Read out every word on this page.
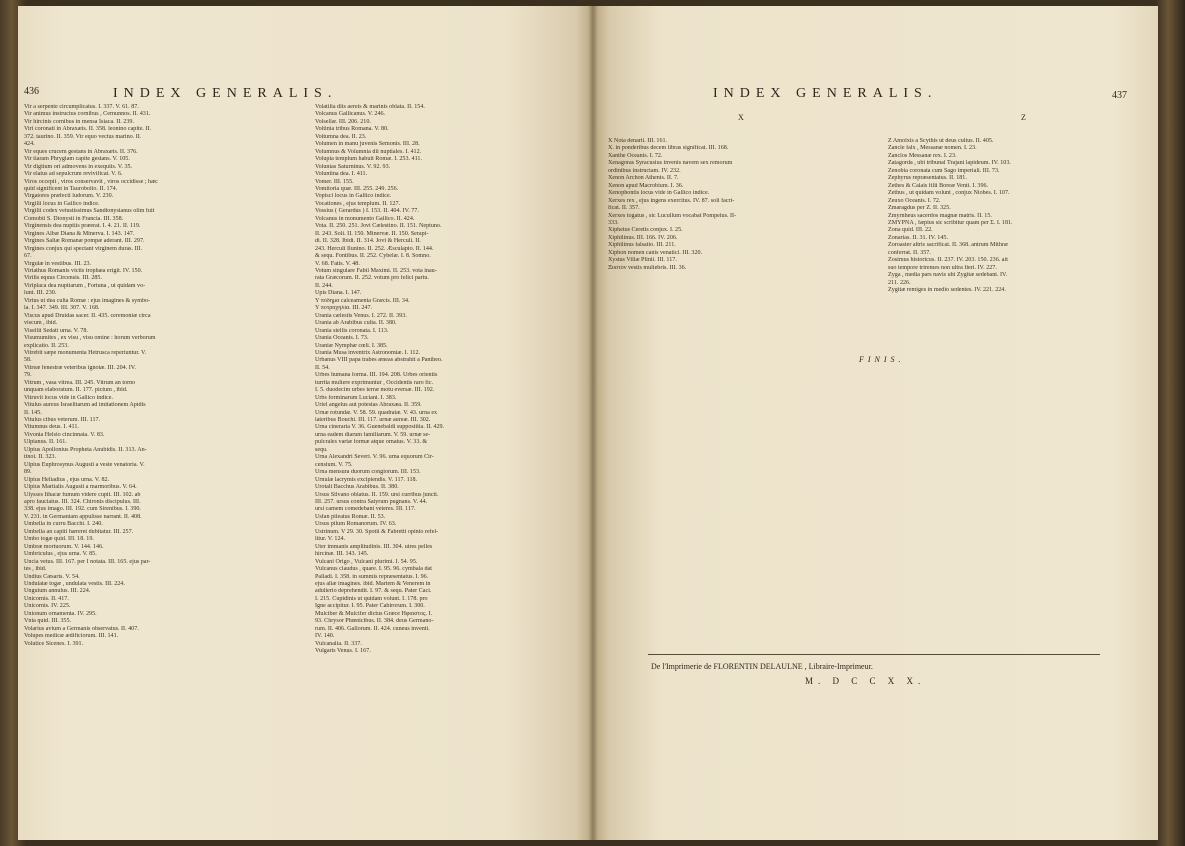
436	INDEX GENERALIS.

Vir a serpente circumplicatus. I. 337. V. 61. 87.

Vir animus instructus cornibus , Cernunnos. II. 431.

Vir hircinis cornibus in mensa Isiaca. II. 239.

Viri coronati in Abraxæis. II. 358. leonino capite. II.

372. taurino. II. 359. Vir equo vectus marino. II.

424.

Vir eques crucem gestans in Abraxæis. II. 376.

Vir tiaram Phrygiam capite gestans. V. 105.

Vir digitum ori admovens in exequiis. V. 35.

Vir elatus ad sepulcrum revivificat. V. 6.

Viros occepit , viros conservavit , viros occidisse ; hæc

quid significent in Taurobolio. II. 174.

Virgatores præfecti ludorum. V. 230.

Virgilii locus in Gallico indice.

Virgilii codex vetustissimus Sandionysianus olim fuit

Comobii S. Dionysii in Francia. III. 358.

Virginensis dea nuptiis præerat. I. 4. 21. II. 119.

Virgines Albæ Diana & Minerva. I. 143. 147.

Virgines Saliæ Romanæ pompæ aderant. III. 297.

Virgines conjux qui spectant virginem duras. III.

67.

Virgulæ in vestibus. III. 23.

Viriathus Romanis victis trophæa erigit. IV. 150.

Virilis equus Circensis. III. 285.

Viriplaca dea nuptiarum , Fortuna , ut quidam vo-

lunt. III. 230.

Virtus ut dea culta Romæ : ejus imagines & symbo-

la. I. 347. 349. III. 307. V. 168.

Viscus apud Druidas sacer. II. 435. ceremoniæ circa

viscum , ibid.

Visellii Sedati urna. V. 78.

Visumumites , ex visu , visu omine : horum verborum

explicatio. II. 253.

Vitrebit sæpe monumenta Hetrusca reperiuntur. V.

58.

Vitreæ fenestræ veteribus ignotæ. III. 204. IV.

79.

Vitrum , vasa vitrea. III. 245. Vitrum an torno

unquam elaboratum. II. 177. pictum , ibid.

Vitruvii locus vide in Gallico indice.

Vitulus aureus Israelitarum ad imitationem Apidis

II. 145.

Vitulus cibus veterum. III. 117.

Vitumnus deus. I. 411.

Vivonia Helsio cincinnata. V. 83.

Ulpianus. II. 161.

Ulpius Apollonius Propheta Anubidis. II. 313. An-

tinoi. II. 323.

Ulpius Euphrosynus Augusti a veste venatoria. V.

89.

Ulpius Heliadius , ejus urna. V. 82.

Ulpius Martialis Augusti a marmoribus. V. 64.

Ulysses Ithacæ fumum videre cupit. III. 102. ab

apro fauciatus. III. 324. Chironis discipulus. III.

338. ejus imago. III. 192. cum Sirenibus. I. 390.

V. 231. in Germaniam appulisse narrant. II. 408.

Umbella in curru Bacchi. I. 240.

Umbella an capiti hæreret dubitatur. III. 257.

Umbo togæ quid. III. 18. 19.

Umbræ mortuorum. V. 144. 146.

Umbriculus , ejus urna. V. 85.

Uncia vetus. III. 167. per I notata. III. 165. ejus par-

tes , ibid.

Undius Cæsaris. V. 54.

Undulatæ togæ , undulata vestis. III. 224.

Unguium annulus. III. 224.

Unicornis. II. 417.

Unicornis. IV. 225.

Unionum ornamenta. IV. 295.

Vnia quid. III. 355.

Volarius avium a Germanis observatus. II. 407.

Volupes medicæ ædificiorum. III. 141.

Volutice Sicenes. I. 391.

Volatilia diis aereis & marinis oblata. II. 154.

Volcanus Gallicanus. V. 246.

Volsellæ. III. 206. 210.

Voltinia tribus Romana. V. 80.

Voltumna dea. II. 23.

Volumen in manu juvenis Semonis. III. 28.

Volumnus & Volumnia dii nuptiales. I. 412.

Volupia templum habuit Romæ. I. 253. 411.

Voluntas Saturninus. V. 92. 93.

Voluntina dea. I. 411.

Vomer. III. 155.

Vomitoria quæ. III. 255. 249. 256.

Vopisci locus in Gallico indice.

Vocationes , ejus templum. II. 127.

Vossius ( Gerardus ) I. 153. II. 404. IV. 77.

Volcanus in monumento Gallico. II. 424.

Vota. II. 250. 251. Jovi Cælestino. II. 151. Neptuno.

II. 243. Soli. II. 150. Minervæ. II. 150. Serapi-

di. II. 328. Ibidi. II. 314. Jovi & Herculi. II.

243. Herculi Ilunino. II. 252. Æsculapio. II. 144.

& sequ. Fontibus. II. 252. Cybelæ. I. 8. Somno.

V. 68. Fatis. V. 48.

Votum singulare Fabii Maximi. II. 253. vota inau-

rata Græcorum. II. 252. votum pro felici partu.

II. 244.

Upis Diana. I. 147.

Y πόδημα calceamenta Græcis. III. 34.

Y ποτραχηλία. III. 247.

Urania cælestis Venus. I. 272. II. 393.

Urania ab Arabibus culta. II. 380.

Urania stellis coronata. I. 113.

Urania Oceanis. I. 73.

Uraniæ Nymphæ cœli. I. 385.

Urania Musa inventrix Astronomiæ. I. 112.

Urbanus VIII papa trabes æneas abstrahit a Pantheo.

II. 54.

Urbes humana forma. III. 194. 208. Urbes orientis

turrita muliere exprimuntur , Occidentis raro fic.

I. 5. duodecim urbes terræ motu eversæ. III. 192.

Urbs forminarum Luciani. I. 383.

Uriel angelus aut potestas Abraxæa. II. 359.

Urnæ rotundæ. V. 58. 59. quadratæ. V. 43. urna ex

lateribus Bouchi. III. 117. urnæ aureæ. III. 302.

Urna cineraria V. 36. Guenebaldi suppositiia. II. 429.

urna eadem diarum familiarum. V. 59. urnæ se-

pulcrales variæ formæ atque ornatus. V. 33. &

sequ.

Urna Alexandri Severi. V. 96. urna equorum Cir-

censium. V. 75.

Urna mensura duorum congiorum. III. 153.

Urnulæ lacrymis excipiendis. V. 117. 118.

Urotalt Bacchus Arabibus. II. 380.

Ursus Silvano oblatus. II. 159. ursi curribus juncti.

III. 257. ursus contra Satyrum pugnans. V. 44.

ursi camem comedebant veteres. III. 117.

Usfan pileatus Romæ. II. 53.

Ursus pilum Romanorum. IV. 63.

Ustrinum. V 29. 30. Spotii & Fabretti opinio refel-

litur. V. 124.

Uter immanis amplitudinis. III. 304. utres pelles

hircinæ. III. 143. 145.

Vulcani Origo , Vulcani plurimi. I. 54. 95.

Vulcanus claudus , quare. I. 95. 96. cymbala dat

Palladi. I. 358. in summis repræsentatus. I. 96.

ejus aliæ imagines. ibid. Martem & Venerem in

adulterio deprehendit. I. 97. & sequ. Pater Caci.

I. 215. Cupidinis ut quidam volunt. I. 178. pro

Igne accipitur. I. 95. Pater Cabirorum. I. 300.

Mulciber & Mulcifer dictus Græce Ηφαιστος. I.

93. Chrysor Phœnicibus. II. 384. deus Germano-

rum. II. 406. Gallorum. II. 424. cuneus invenit.

IV. 140.

Vulcanalia. II. 337.

Vulgaris Venus. I. 167.

INDEX GENERALIS.	437
X	Z

X Nota denarii. III. 161.

X. in ponderibus decem libras significat. III. 168.

Xanthe Oceanis. I. 72.

Xenagoras Syracusius invenis navem sex remorum

ordinibus instructam. IV. 232.

Xenon Archon Athenis. II. 7.

Xenon apud Macrobium. I. 36.

Xenophontis locus vide in Gallico indice.

Xerxes rex , ejus ingens exercitus. IV. 87. soli facri-

ficat. II. 357.

Xerxes togatus , sic Lucullum vocabat Pompeius. II-

333.

Xiphetus Ceretis conjux. I. 25.

Xiphilinus. III. 166. IV. 206.

Xiphilinus falsatio. III. 211.

Xiphon nomen canis venatici. III. 320.

Xystus Villæ Plinii. III. 117.

Ξυστὸν vestis muliebris. III. 36.

Z Amolxis a Scythis ut deus cultus. II. 405.

Zancle falx , Messanæ nomen. I. 23.

Zanclos Messanæ rex. I. 23.

Zatagorda , ubi tribunal Trajani lapideum. IV. 103.

Zenobia coronata cum Sago imperiali. III. 73.

Zephyrus repræsentatus. II. 181.

Zethes & Calais filii Boreæ Venti. I. 396.

Zethus , ut quidam volunt , conjux Niobes. I. 107.

Zeuxo Oceanis. I. 72.

Zmaragdus per Z. II. 325.

Zmyrnheus sacerdos magnæ matris. II. 15.

ZMYPNA , fæpius sic scribitur quam per Σ. I. 181.

Zona quid. III. 22.

Zonarias. II. 31. IV. 145.

Zoroaster altris sacrificat. II. 368. antrum Mithræ

conferrat. II. 357.

Zosimus historicus. II. 237. IV. 203. 150. 236. ait

suo tempore triremes non ultra fieri. IV. 227.

Zyga , media pars navis ubi Zygitæ sedebant. IV.

211. 226.

Zygitæ remiges in medio sedentes. IV. 221. 224.

FINIS.
De l'Imprimerie de FLORENTIN DELAULNE , Libraire-Imprimeur.
M. D C C X X.
